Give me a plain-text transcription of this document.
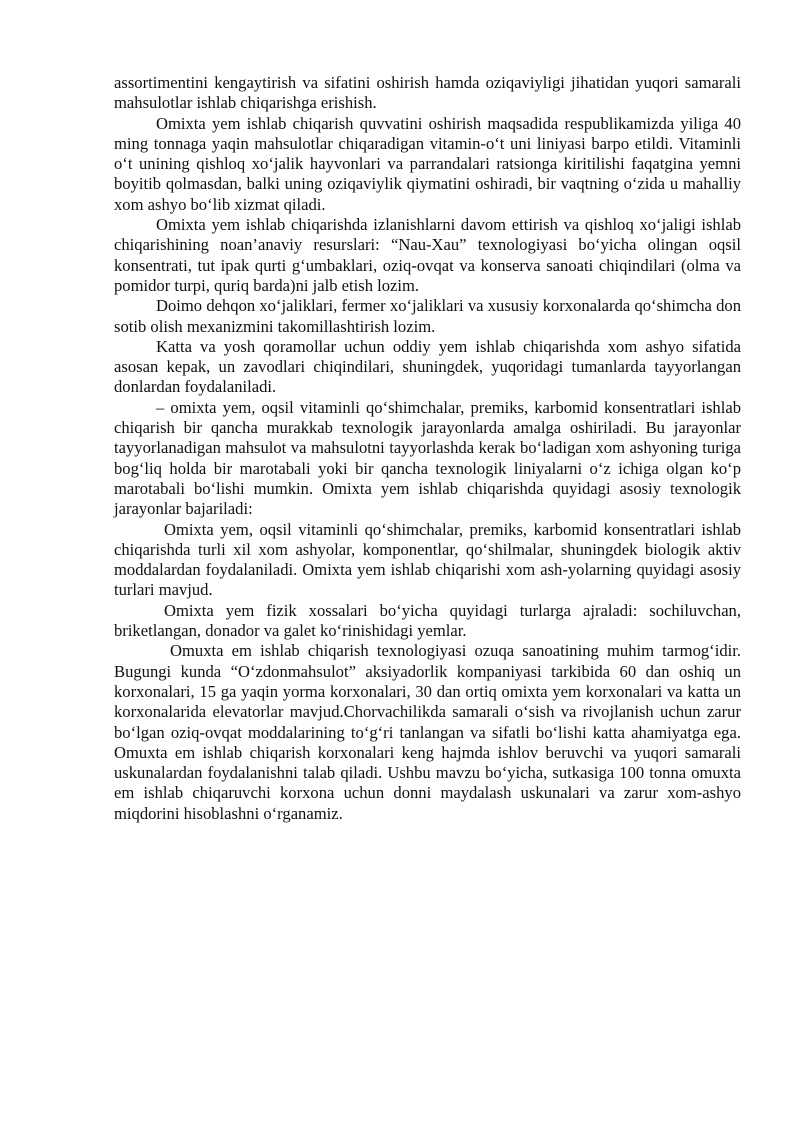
assortimentini kengaytirish va sifatini oshirish hamda oziqaviyligi jihatidan yuqori samarali mahsulotlar ishlab chiqarishga erishish.

Omixta yem ishlab chiqarish quvvatini oshirish maqsadida respublikamizda yiliga 40 ming tonnaga yaqin mahsulotlar chiqaradigan vitamin-o‘t uni liniyasi barpo etildi. Vitaminli o‘t unining qishloq xo‘jalik hayvonlari va parrandalari ratsionga kiritilishi faqatgina yemni boyitib qolmasdan, balki uning oziqaviylik qiymatini oshiradi, bir vaqtning o‘zida u mahalliy xom ashyo bo‘lib xizmat qiladi.

Omixta yem ishlab chiqarishda izlanishlarni davom ettirish va qishloq xo‘jaligi ishlab chiqarishining noan’anaviy resurslari: “Nau-Xau” texnologiyasi bo‘yicha olingan oqsil konsentrati, tut ipak qurti g‘umbaklari, oziq-ovqat va konserva sanoati chiqindilari (olma va pomidor turpi, quriq barda)ni jalb etish lozim.

Doimo dehqon xo‘jaliklari, fermer xo‘jaliklari va xususiy korxonalarda qo‘shimcha don sotib olish mexanizmini takomillashtirish lozim.

Katta va yosh qoramollar uchun oddiy yem ishlab chiqarishda xom ashyo sifatida asosan kepak, un zavodlari chiqindilari, shuningdek, yuqoridagi tumanlarda tayyorlangan donlardan foydalaniladi.

– omixta yem, oqsil vitaminli qo‘shimchalar, premiks, karbomid konsentratlari ishlab chiqarish bir qancha murakkab texnologik jarayonlarda amalga oshiriladi. Bu jarayonlar tayyorlanadigan mahsulot va mahsulotni tayyorlashda kerak bo‘ladigan xom ashyoning turiga bog‘liq holda bir marotabali yoki bir qancha texnologik liniyalarni o‘z ichiga olgan ko‘p marotabali bo‘lishi mumkin. Omixta yem ishlab chiqarishda quyidagi asosiy texnologik jarayonlar bajariladi:

Omixta yem, oqsil vitaminli qo‘shimchalar, premiks, karbomid konsentratlari ishlab chiqarishda turli xil xom ashyolar, komponentlar, qo‘shilmalar, shuningdek biologik aktiv moddalardan foydalaniladi. Omixta yem ishlab chiqarishi xom ash-yolarning quyidagi asosiy turlari mavjud.

Omixta yem fizik xossalari bo‘yicha quyidagi turlarga ajraladi: sochiluvchan, briketlangan, donador va galet ko‘rinishidagi yemlar.

Omuxta em ishlab chiqarish texnologiyasi ozuqa sanoatining muhim tarmog‘idir. Bugungi kunda “O‘zdonmahsulot” aksiyadorlik kompaniyasi tarkibida 60 dan oshiq un korxonalari, 15 ga yaqin yorma korxonalari, 30 dan ortiq omixta yem korxonalari va katta un korxonalarida elevatorlar mavjud.Chorvachilikda samarali o‘sish va rivojlanish uchun zarur bo‘lgan oziq-ovqat moddalarining to‘g‘ri tanlangan va sifatli bo‘lishi katta ahamiyatga ega. Omuxta em ishlab chiqarish korxonalari keng hajmda ishlov beruvchi va yuqori samarali uskunalardan foydalanishni talab qiladi. Ushbu mavzu bo‘yicha, sutkasiga 100 tonna omuxta em ishlab chiqaruvchi korxona uchun donni maydalash uskunalari va zarur xom-ashyo miqdorini hisoblashni o‘rganamiz.
